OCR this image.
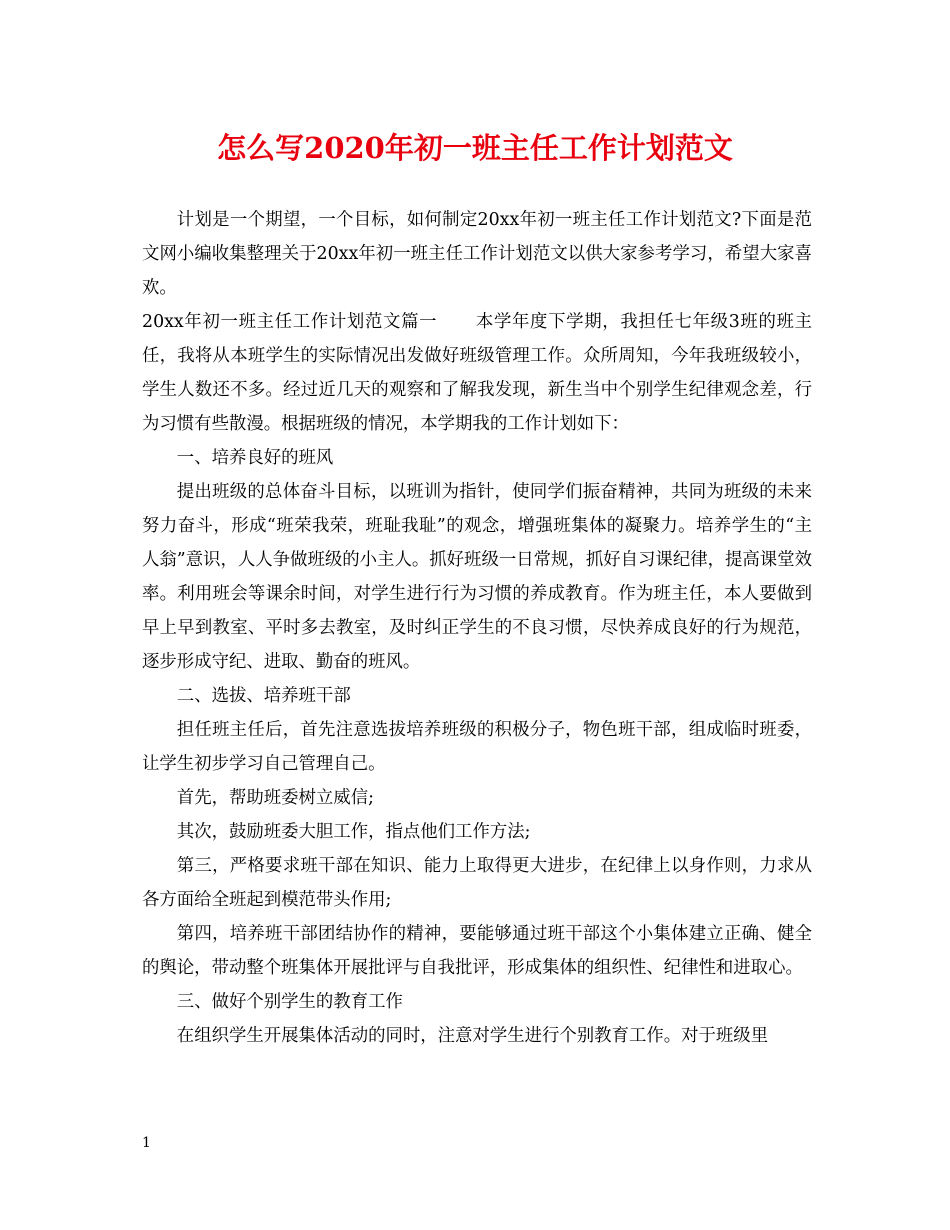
怎么写2020年初一班主任工作计划范文

计划是一个期望，一个目标，如何制定20xx年初一班主任工作计划范文?下面是范文网小编收集整理关于20xx年初一班主任工作计划范文以供大家参考学习，希望大家喜欢。

20xx年初一班主任工作计划范文篇一 本学年度下学期，我担任七年级3班的班主任，我将从本班学生的实际情况出发做好班级管理工作。众所周知，今年我班级较小，学生人数还不多。经过近几天的观察和了解我发现，新生当中个别学生纪律观念差，行为习惯有些散漫。根据班级的情况，本学期我的工作计划如下：

一、培养良好的班风

提出班级的总体奋斗目标，以班训为指针，使同学们振奋精神，共同为班级的未来努力奋斗，形成“班荣我荣，班耻我耻”的观念，增强班集体的凝聚力。培养学生的“主人翁”意识，人人争做班级的小主人。抓好班级一日常规，抓好自习课纪律，提高课堂效率。利用班会等课余时间，对学生进行行为习惯的养成教育。作为班主任，本人要做到早上早到教室、平时多去教室，及时纠正学生的不良习惯，尽快养成良好的行为规范，逐步形成守纪、进取、勤奋的班风。

二、选拔、培养班干部

担任班主任后，首先注意选拔培养班级的积极分子，物色班干部，组成临时班委，让学生初步学习自己管理自己。

首先，帮助班委树立威信;

其次，鼓励班委大胆工作，指点他们工作方法;

第三，严格要求班干部在知识、能力上取得更大进步，在纪律上以身作则，力求从各方面给全班起到模范带头作用;

第四，培养班干部团结协作的精神，要能够通过班干部这个小集体建立正确、健全的舆论，带动整个班集体开展批评与自我批评，形成集体的组织性、纪律性和进取心。

三、做好个别学生的教育工作

在组织学生开展集体活动的同时，注意对学生进行个别教育工作。对于班级里

1
